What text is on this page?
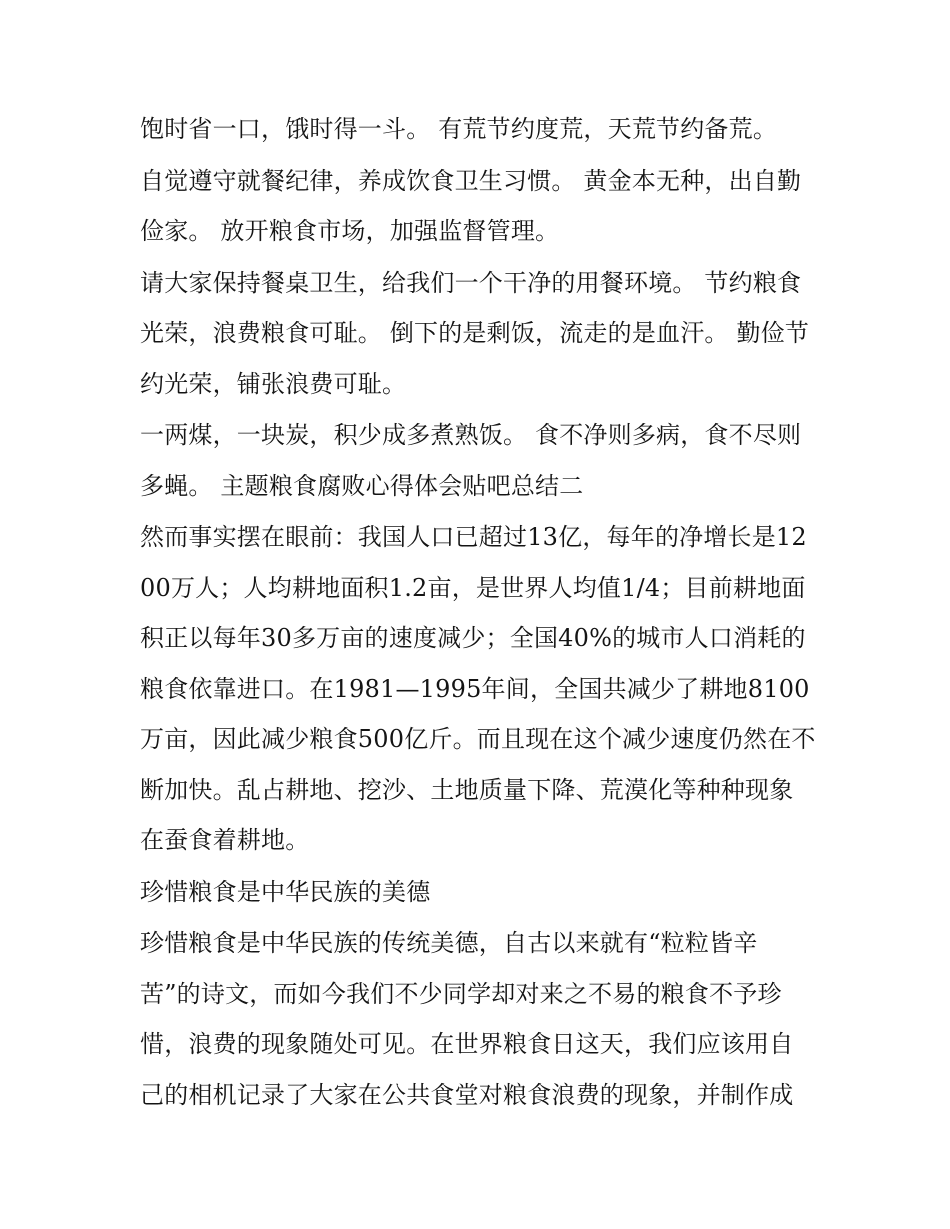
饱时省一口，饿时得一斗。 有荒节约度荒，天荒节约备荒。

自觉遵守就餐纪律，养成饮食卫生习惯。 黄金本无种，出自勤俭家。 放开粮食市场，加强监督管理。

请大家保持餐桌卫生，给我们一个干净的用餐环境。 节约粮食光荣，浪费粮食可耻。 倒下的是剩饭，流走的是血汗。 勤俭节约光荣，铺张浪费可耻。

一两煤，一块炭，积少成多煮熟饭。 食不净则多病，食不尽则多蝇。 主题粮食腐败心得体会贴吧总结二

然而事实摆在眼前：我国人口已超过13亿，每年的净增长是1200万人；人均耕地面积1.2亩，是世界人均值1/4；目前耕地面积正以每年30多万亩的速度减少；全国40%的城市人口消耗的粮食依靠进口。在1981—1995年间，全国共减少了耕地8100万亩，因此减少粮食500亿斤。而且现在这个减少速度仍然在不断加快。乱占耕地、挖沙、土地质量下降、荒漠化等种种现象在蚕食着耕地。

珍惜粮食是中华民族的美德

珍惜粮食是中华民族的传统美德，自古以来就有“粒粒皆辛苦”的诗文，而如今我们不少同学却对来之不易的粮食不予珍惜，浪费的现象随处可见。在世界粮食日这天，我们应该用自己的相机记录了大家在公共食堂对粮食浪费的现象，并制作成
